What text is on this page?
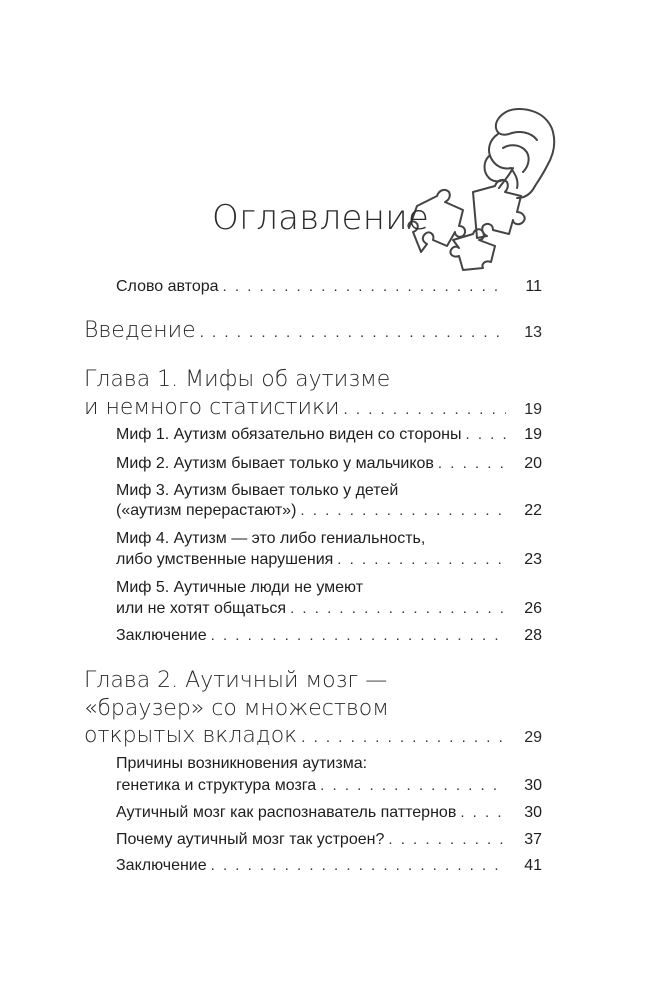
Оглавление
Слово автора . . .	11
Введение . . .	13
Глава 1. Мифы об аутизме
и немного статистики . . .	19
Миф 1. Аутизм обязательно виден со стороны . . .	19
Миф 2. Аутизм бывает только у мальчиков . . .	20
Миф 3. Аутизм бывает только у детей
(«аутизм перерастают») . . .	22
Миф 4. Аутизм — это либо гениальность,
либо умственные нарушения . . .	23
Миф 5. Аутичные люди не умеют
или не хотят общаться . . .	26
Заключение . . .	28
Глава 2. Аутичный мозг —
«браузер» со множеством
открытых вкладок . . .	29
Причины возникновения аутизма:
генетика и структура мозга . . .	30
Аутичный мозг как распознаватель паттернов . . .	30
Почему аутичный мозг так устроен? . . .	37
Заключение . . .	41
